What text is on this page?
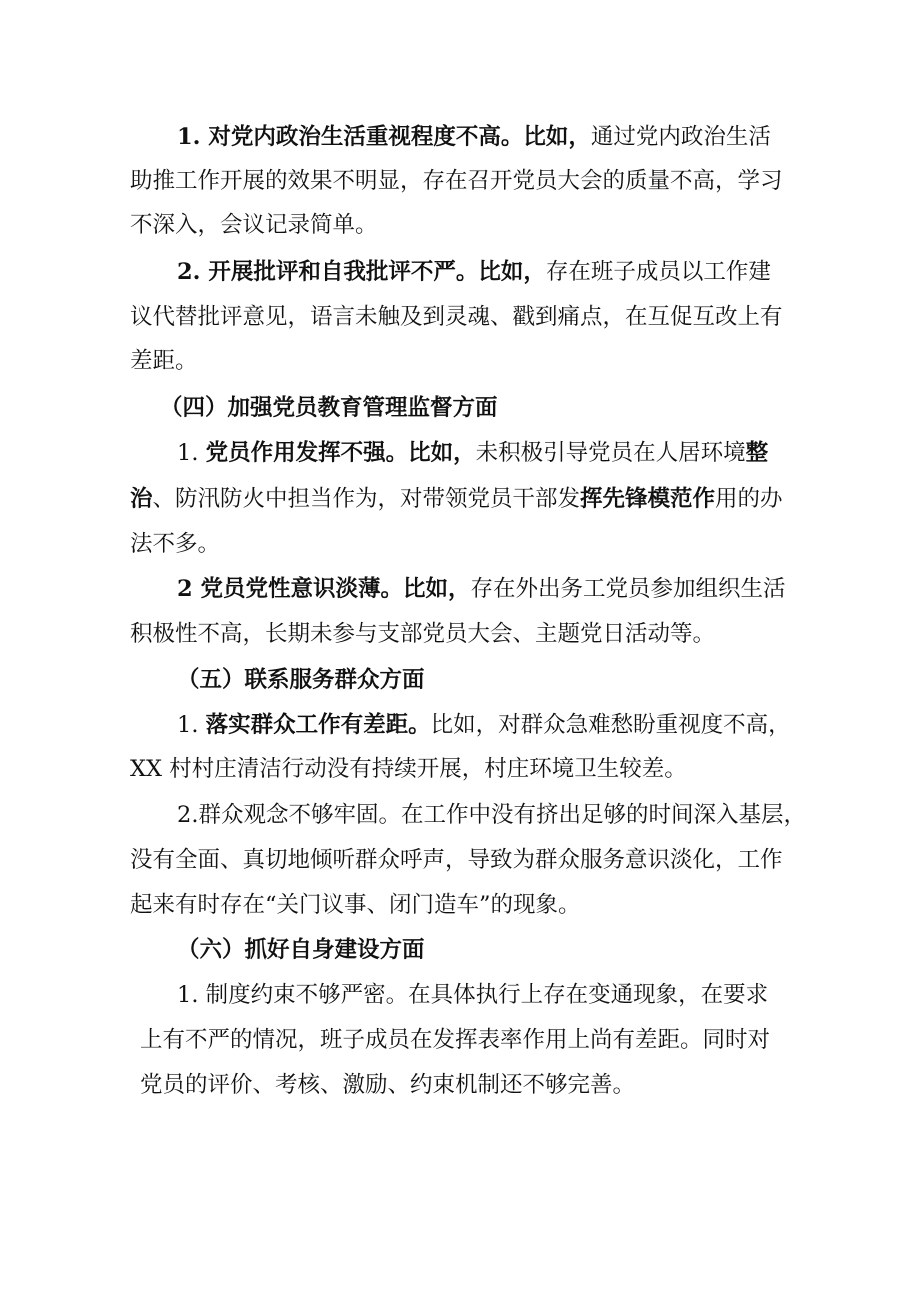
1. 对党内政治生活重视程度不高。比如，通过党内政治生活

助推工作开展的效果不明显，存在召开党员大会的质量不高，学习

不深入，会议记录简单。

2. 开展批评和自我批评不严。比如，存在班子成员以工作建

议代替批评意见，语言未触及到灵魂、戳到痛点，在互促互改上有

差距。

（四）加强党员教育管理监督方面

1. 党员作用发挥不强。比如，未积极引导党员在人居环境整

治、防汛防火中担当作为，对带领党员干部发挥先锋模范作用的办

法不多。

2 党员党性意识淡薄。比如，存在外出务工党员参加组织生活

积极性不高，长期未参与支部党员大会、主题党日活动等。

（五）联系服务群众方面

1. 落实群众工作有差距。比如，对群众急难愁盼重视度不高，

XX 村村庄清洁行动没有持续开展，村庄环境卫生较差。

2.群众观念不够牢固。在工作中没有挤出足够的时间深入基层，

没有全面、真切地倾听群众呼声，导致为群众服务意识淡化，工作

起来有时存在“关门议事、闭门造车”的现象。

（六）抓好自身建设方面

1. 制度约束不够严密。在具体执行上存在变通现象，在要求

上有不严的情况，班子成员在发挥表率作用上尚有差距。同时对

党员的评价、考核、激励、约束机制还不够完善。
